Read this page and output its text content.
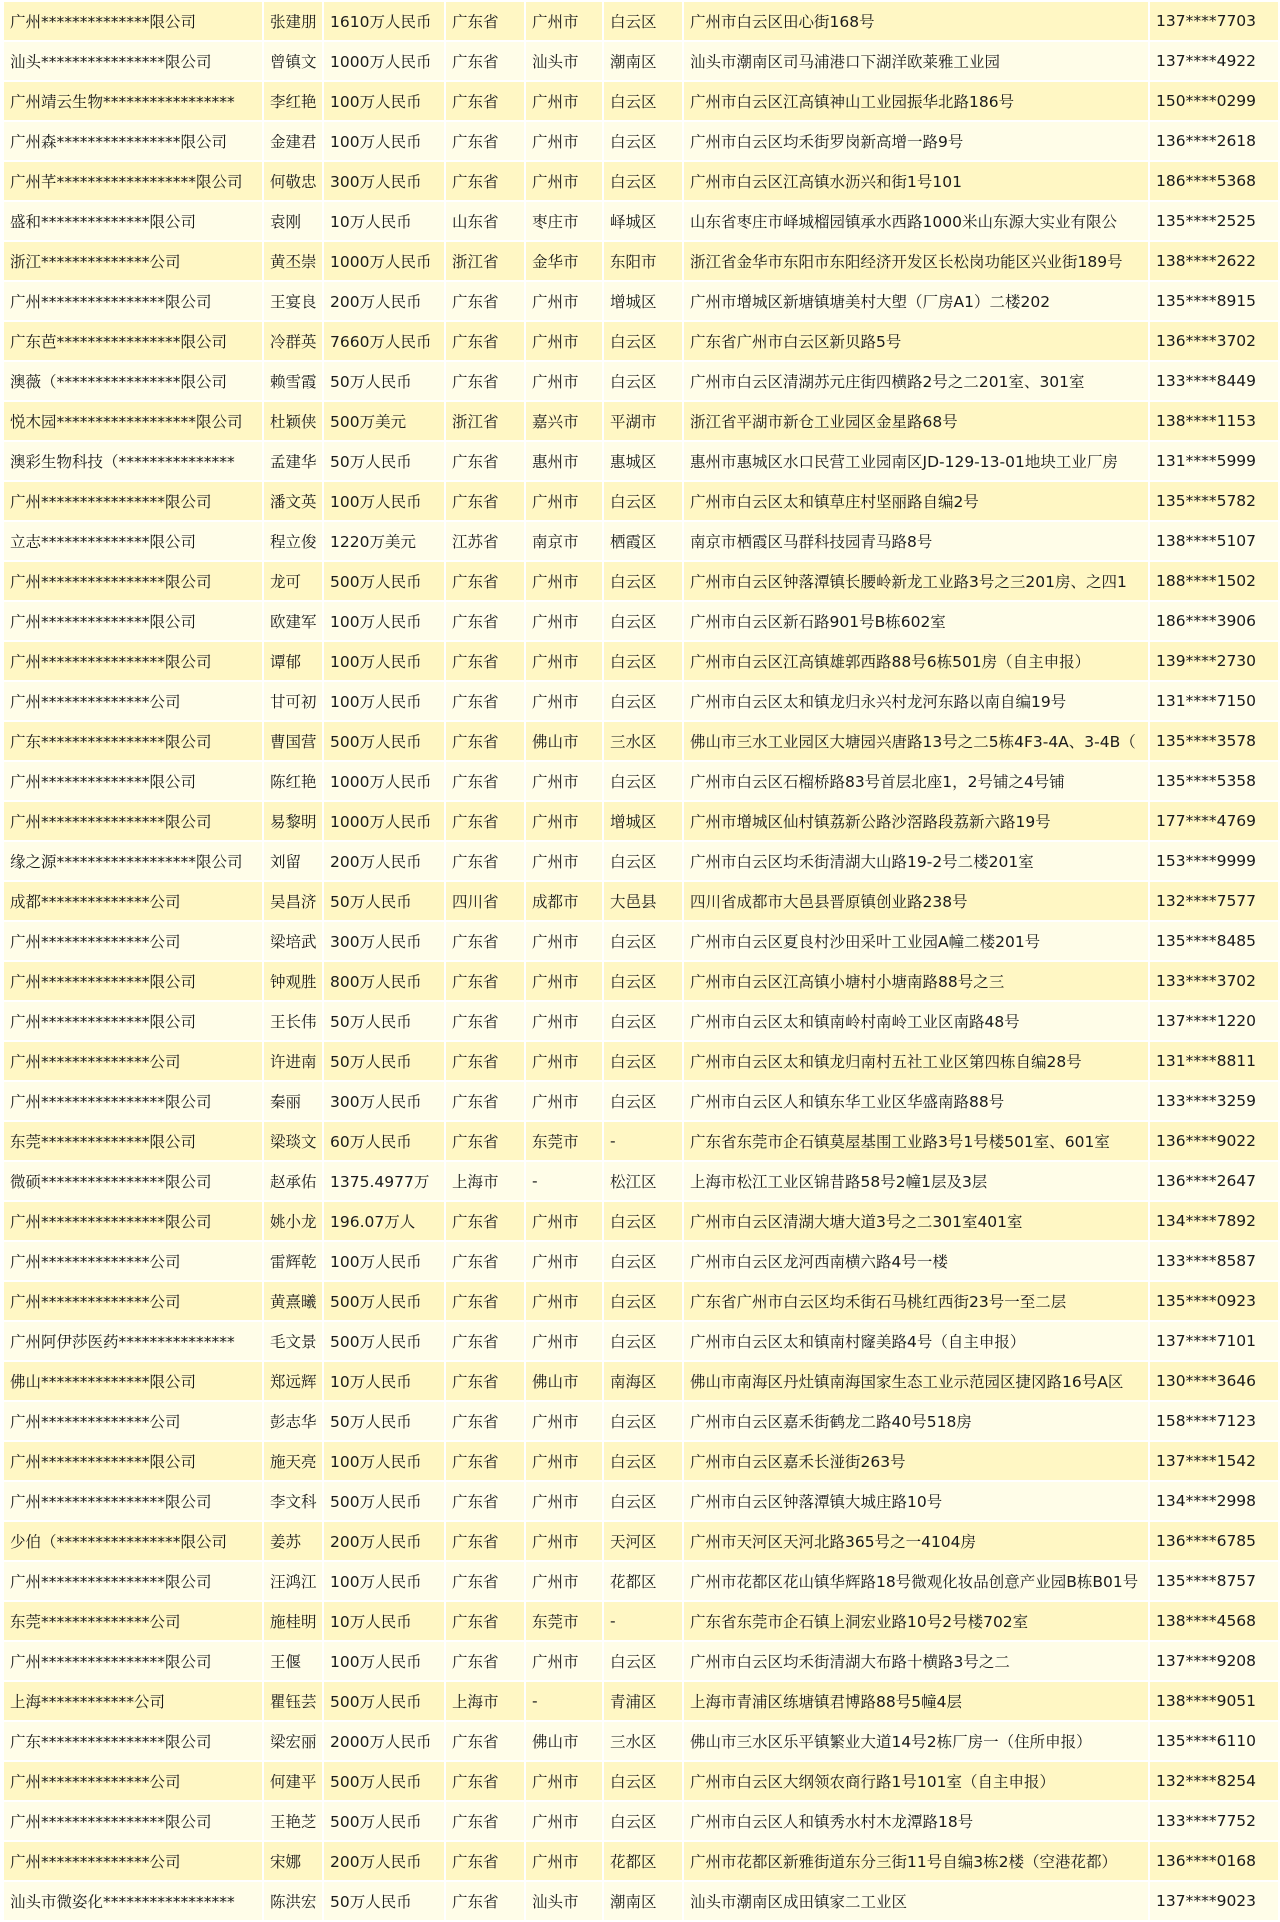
广州**************限公司	张建朋	1610万人民币	广东省	广州市	白云区	广州市白云区田心街168号	137****7703
汕头****************限公司	曾镇文	1000万人民币	广东省	汕头市	潮南区	汕头市潮南区司马浦港口下湖洋欧莱雅工业园	137****4922
广州靖云生物*****************	李红艳	100万人民币	广东省	广州市	白云区	广州市白云区江高镇神山工业园振华北路186号	150****0299
广州森****************限公司	金建君	100万人民币	广东省	广州市	白云区	广州市白云区均禾街罗岗新高增一路9号	136****2618
广州芊******************限公司	何敬忠	300万人民币	广东省	广州市	白云区	广州市白云区江高镇水沥兴和街1号101	186****5368
盛和**************限公司	袁刚	10万人民币	山东省	枣庄市	峄城区	山东省枣庄市峄城榴园镇承水西路1000米山东源大实业有限公	135****2525
浙江**************公司	黄丕崇	1000万人民币	浙江省	金华市	东阳市	浙江省金华市东阳市东阳经济开发区长松岗功能区兴业街189号	138****2622
广州****************限公司	王宴良	200万人民币	广东省	广州市	增城区	广州市增城区新塘镇塘美村大塱（厂房A1）二楼202	135****8915
广东芭****************限公司	冷群英	7660万人民币	广东省	广州市	白云区	广东省广州市白云区新贝路5号	136****3702
澳薇（****************限公司	赖雪霞	50万人民币	广东省	广州市	白云区	广州市白云区清湖苏元庄街四横路2号之二201室、301室	133****8449
悦木园******************限公司	杜颖侠	500万美元	浙江省	嘉兴市	平湖市	浙江省平湖市新仓工业园区金星路68号	138****1153
澳彩生物科技（***************	孟建华	50万人民币	广东省	惠州市	惠城区	惠州市惠城区水口民营工业园南区JD-129-13-01地块工业厂房	131****5999
广州****************限公司	潘文英	100万人民币	广东省	广州市	白云区	广州市白云区太和镇草庄村坚丽路自编2号	135****5782
立志**************限公司	程立俊	1220万美元	江苏省	南京市	栖霞区	南京市栖霞区马群科技园青马路8号	138****5107
广州****************限公司	龙可	500万人民币	广东省	广州市	白云区	广州市白云区钟落潭镇长腰岭新龙工业路3号之三201房、之四1	188****1502
广州**************限公司	欧建军	100万人民币	广东省	广州市	白云区	广州市白云区新石路901号B栋602室	186****3906
广州****************限公司	谭郁	100万人民币	广东省	广州市	白云区	广州市白云区江高镇雄郭西路88号6栋501房（自主申报）	139****2730
广州**************公司	甘可初	100万人民币	广东省	广州市	白云区	广州市白云区太和镇龙归永兴村龙河东路以南自编19号	131****7150
广东****************限公司	曹国营	500万人民币	广东省	佛山市	三水区	佛山市三水工业园区大塘园兴唐路13号之二5栋4F3-4A、3-4B（	135****3578
广州**************限公司	陈红艳	1000万人民币	广东省	广州市	白云区	广州市白云区石榴桥路83号首层北座1，2号铺之4号铺	135****5358
广州****************限公司	易黎明	1000万人民币	广东省	广州市	增城区	广州市增城区仙村镇荔新公路沙滘路段荔新六路19号	177****4769
缘之源******************限公司	刘留	200万人民币	广东省	广州市	白云区	广州市白云区均禾街清湖大山路19-2号二楼201室	153****9999
成都**************公司	吴昌济	50万人民币	四川省	成都市	大邑县	四川省成都市大邑县晋原镇创业路238号	132****7577
广州**************公司	梁培武	300万人民币	广东省	广州市	白云区	广州市白云区夏良村沙田采叶工业园A幢二楼201号	135****8485
广州**************限公司	钟观胜	800万人民币	广东省	广州市	白云区	广州市白云区江高镇小塘村小塘南路88号之三	133****3702
广州**************限公司	王长伟	50万人民币	广东省	广州市	白云区	广州市白云区太和镇南岭村南岭工业区南路48号	137****1220
广州**************公司	许进南	50万人民币	广东省	广州市	白云区	广州市白云区太和镇龙归南村五社工业区第四栋自编28号	131****8811
广州****************限公司	秦丽	300万人民币	广东省	广州市	白云区	广州市白云区人和镇东华工业区华盛南路88号	133****3259
东莞**************限公司	梁琰文	60万人民币	广东省	东莞市	-	广东省东莞市企石镇莫屋基围工业路3号1号楼501室、601室	136****9022
微硕****************限公司	赵承佑	1375.4977万	上海市	-	松江区	上海市松江工业区锦昔路58号2幢1层及3层	136****2647
广州****************限公司	姚小龙	196.07万人	广东省	广州市	白云区	广州市白云区清湖大塘大道3号之二301室401室	134****7892
广州**************公司	雷辉乾	100万人民币	广东省	广州市	白云区	广州市白云区龙河西南横六路4号一楼	133****8587
广州**************公司	黄熹曦	500万人民币	广东省	广州市	白云区	广东省广州市白云区均禾街石马桃红西街23号一至二层	135****0923
广州阿伊莎医药***************	毛文景	500万人民币	广东省	广州市	白云区	广州市白云区太和镇南村窿美路4号（自主申报）	137****7101
佛山**************限公司	郑远辉	10万人民币	广东省	佛山市	南海区	佛山市南海区丹灶镇南海国家生态工业示范园区捷冈路16号A区	130****3646
广州**************公司	彭志华	50万人民币	广东省	广州市	白云区	广州市白云区嘉禾街鹤龙二路40号518房	158****7123
广州**************限公司	施天亮	100万人民币	广东省	广州市	白云区	广州市白云区嘉禾长湴街263号	137****1542
广州****************限公司	李文科	500万人民币	广东省	广州市	白云区	广州市白云区钟落潭镇大城庄路10号	134****2998
少伯（****************限公司	姜苏	200万人民币	广东省	广州市	天河区	广州市天河区天河北路365号之一4104房	136****6785
广州****************限公司	汪鸿江	100万人民币	广东省	广州市	花都区	广州市花都区花山镇华辉路18号微观化妆品创意产业园B栋B01号	135****8757
东莞**************公司	施桂明	10万人民币	广东省	东莞市	-	广东省东莞市企石镇上洞宏业路10号2号楼702室	138****4568
广州****************限公司	王偃	100万人民币	广东省	广州市	白云区	广州市白云区均禾街清湖大布路十横路3号之二	137****9208
上海************公司	瞿钰芸	500万人民币	上海市	-	青浦区	上海市青浦区练塘镇君博路88号5幢4层	138****9051
广东****************限公司	梁宏丽	2000万人民币	广东省	佛山市	三水区	佛山市三水区乐平镇繁业大道14号2栋厂房一（住所申报）	135****6110
广州**************公司	何建平	500万人民币	广东省	广州市	白云区	广州市白云区大纲领农商行路1号101室（自主申报）	132****8254
广州****************限公司	王艳芝	500万人民币	广东省	广州市	白云区	广州市白云区人和镇秀水村木龙潭路18号	133****7752
广州**************公司	宋娜	200万人民币	广东省	广州市	花都区	广州市花都区新雅街道东分三街11号自编3栋2楼（空港花都）	136****0168
汕头市微姿化*****************	陈洪宏	50万人民币	广东省	汕头市	潮南区	汕头市潮南区成田镇家二工业区	137****9023
